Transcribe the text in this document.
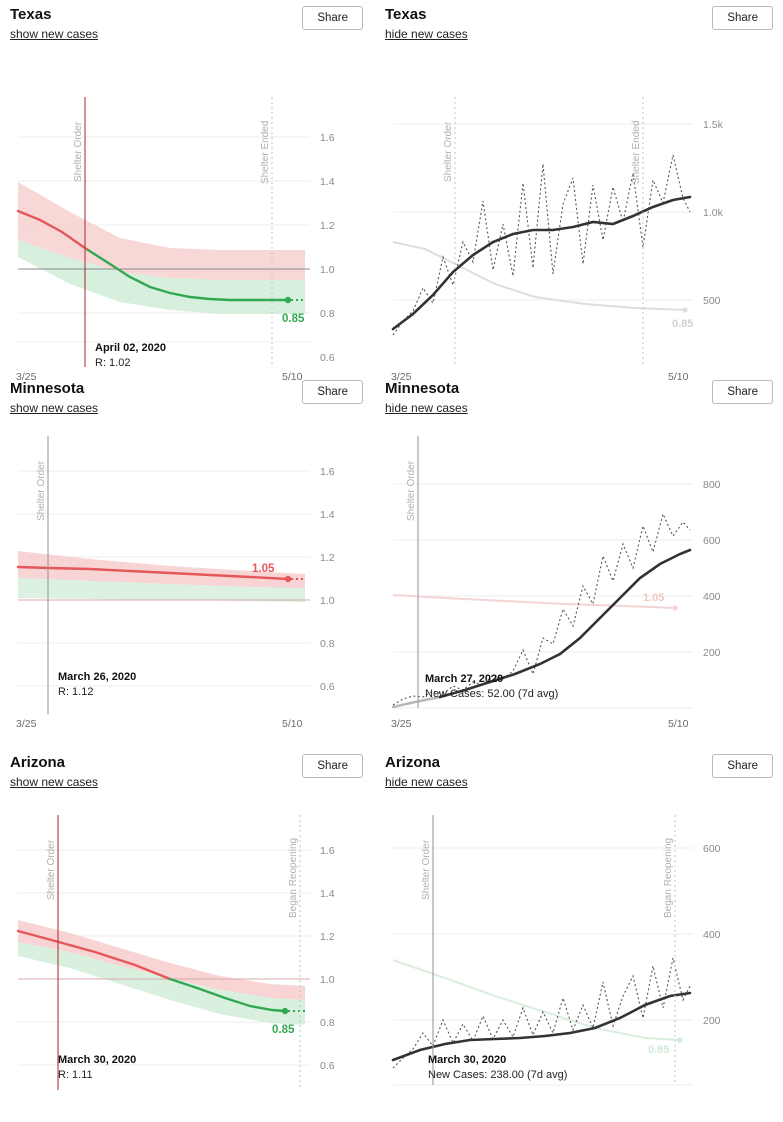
Texas
show new cases
Share
Shelter Order	Shelter Ended
0.85
April 02, 2020
R: 1.02
1.6
1.4
1.2
1.0
0.8
0.6
3/25	5/10
Texas
hide new cases
Share
0.85
Shelter Order	Shelter Ended	1.5k
1.0k
500
3/25	5/10
Minnesota
show new cases
Share
Shelter Order
1.05
March 26, 2020
R: 1.12
1.6
1.4
1.2
1.0
0.8
0.6
3/25	5/10
Minnesota
hide new cases
Share
1.05
Shelter Order
March 27, 2020
New Cases: 52.00 (7d avg)
800
600
400
200
3/25	5/10
Arizona
show new cases
Share
Shelter Order	Began Reopening
0.85
March 30, 2020
R: 1.11
1.6
1.4
1.2
1.0
0.8
0.6
Arizona
hide new cases
Share
0.85
Shelter Order	Began Reopening
March 30, 2020
New Cases: 238.00 (7d avg)
600
400
200
